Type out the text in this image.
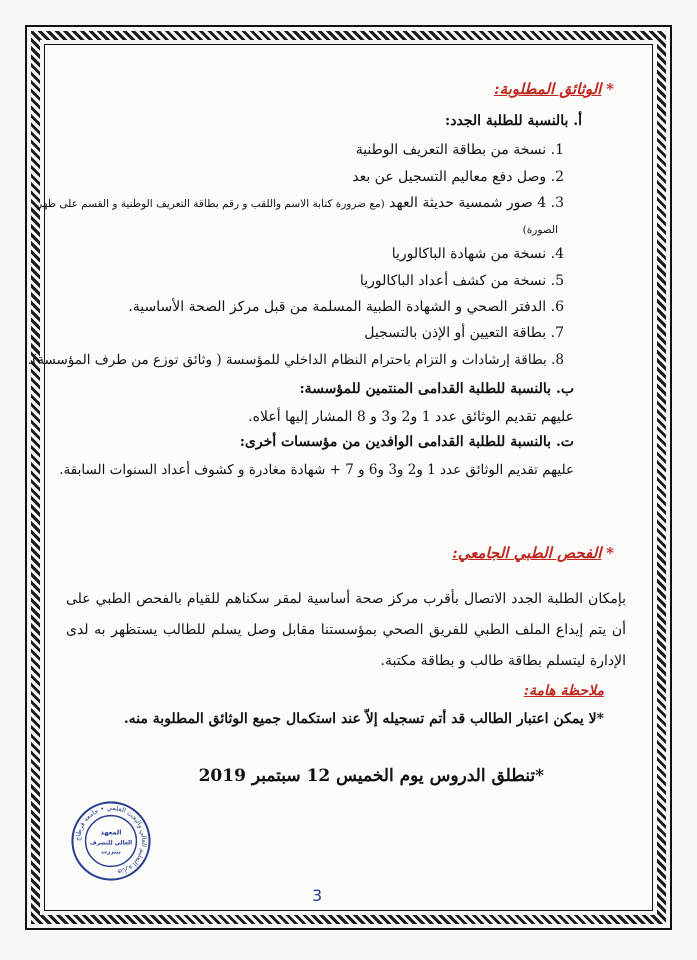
* الوثائق المطلوبة:
أ. بالنسبة للطلبة الجدد:
1. نسخة من بطاقة التعريف الوطنية
2. وصل دفع معاليم التسجيل عن بعد
3. 4 صور شمسية حديثة العهد (مع ضرورة كتابة الاسم واللقب و رقم بطاقة التعريف الوطنية و القسم على ظهر
الصورة)
4. نسخة من شهادة الباكالوريا
5. نسخة من كشف أعداد الباكالوريا
6. الدفتر الصحي و الشهادة الطبية المسلمة من قبل مركز الصحة الأساسية.
7. بطاقة التعيين أو الإذن بالتسجيل
8. بطاقة إرشادات و التزام باحترام النظام الداخلي للمؤسسة ( وثائق توزع من طرف المؤسسة).
ب. بالنسبة للطلبة القدامى المنتمين للمؤسسة:
عليهم تقديم الوثائق عدد 1 و2 و3 و 8 المشار إليها أعلاه.
ت. بالنسبة للطلبة القدامى الوافدين من مؤسسات أخرى:
عليهم تقديم الوثائق عدد 1 و2 و3 و6 و 7 + شهادة مغادرة و كشوف أعداد السنوات السابقة.
* الفحص الطبي الجامعي:
بإمكان الطلبة الجدد الاتصال بأقرب مركز صحة أساسية لمقر سكناهم للقيام بالفحص الطبي على أن يتم إيداع الملف الطبي للفريق الصحي بمؤسستنا مقابل وصل يسلم للطالب يستظهر به لدى الإدارة ليتسلم بطاقة طالب و بطاقة مكتبة.
ملاحظة هامة:
*لا يمكن اعتبار الطالب قد أتم تسجيله إلاّ عند استكمال جميع الوثائق المطلوبة منه.
*تنطلق الدروس يوم الخميس 12 سبتمبر 2019
وزارة التعليم العالي والبحث العلمي • جامعة قرطاج
المعهد
العالي للتصرف
ببنزرت
3
